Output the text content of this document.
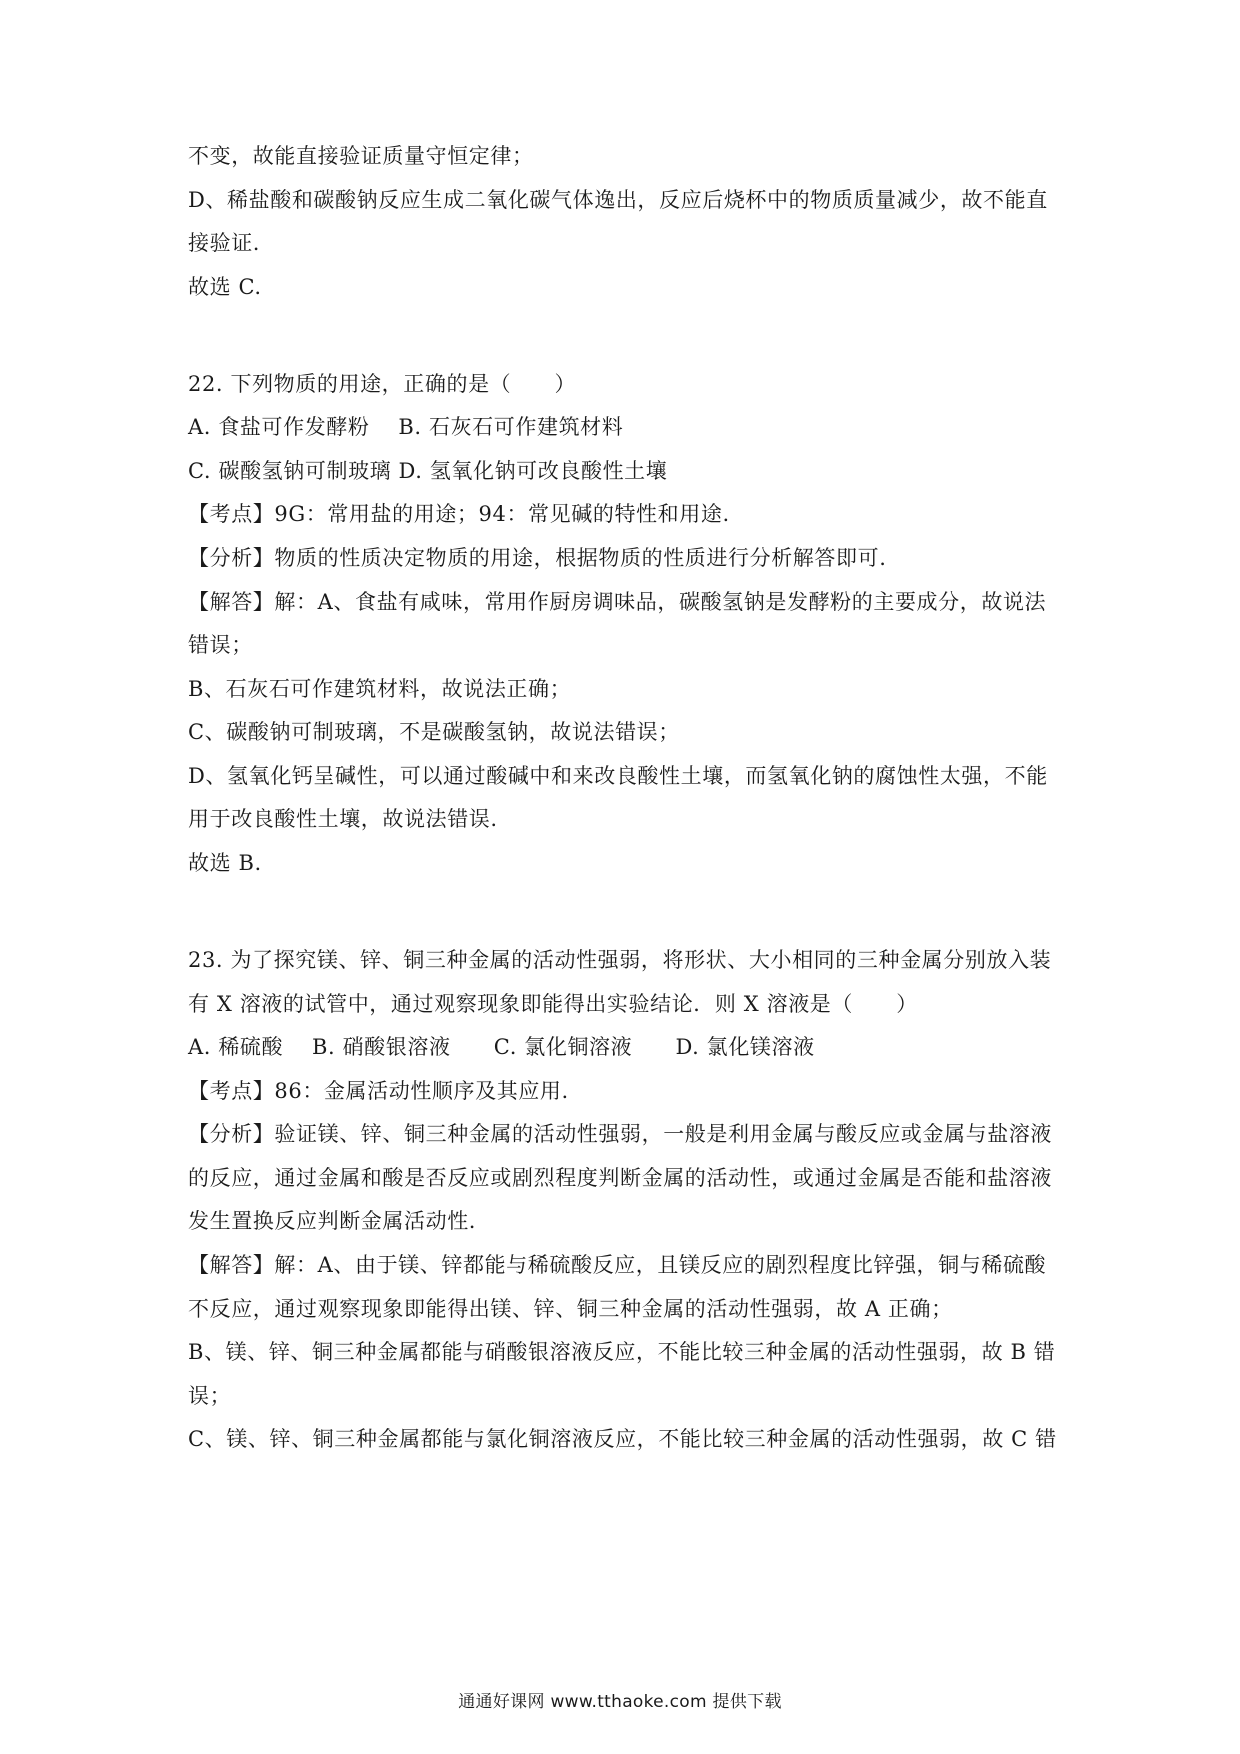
不变，故能直接验证质量守恒定律；
D、稀盐酸和碳酸钠反应生成二氧化碳气体逸出，反应后烧杯中的物质质量减少，故不能直
接验证.
故选 C.
22. 下列物质的用途，正确的是（　　）
A. 食盐可作发酵粉　 B. 石灰石可作建筑材料
C. 碳酸氢钠可制玻璃 D. 氢氧化钠可改良酸性土壤
【考点】9G：常用盐的用途；94：常见碱的特性和用途.
【分析】物质的性质决定物质的用途，根据物质的性质进行分析解答即可.
【解答】解：A、食盐有咸味，常用作厨房调味品，碳酸氢钠是发酵粉的主要成分，故说法
错误；
B、石灰石可作建筑材料，故说法正确；
C、碳酸钠可制玻璃，不是碳酸氢钠，故说法错误；
D、氢氧化钙呈碱性，可以通过酸碱中和来改良酸性土壤，而氢氧化钠的腐蚀性太强，不能
用于改良酸性土壤，故说法错误.
故选 B.
23. 为了探究镁、锌、铜三种金属的活动性强弱，将形状、大小相同的三种金属分别放入装
有 X 溶液的试管中，通过观察现象即能得出实验结论．则 X 溶液是（　　）
A. 稀硫酸　 B. 硝酸银溶液　　C. 氯化铜溶液　　D. 氯化镁溶液
【考点】86：金属活动性顺序及其应用.
【分析】验证镁、锌、铜三种金属的活动性强弱，一般是利用金属与酸反应或金属与盐溶液
的反应，通过金属和酸是否反应或剧烈程度判断金属的活动性，或通过金属是否能和盐溶液
发生置换反应判断金属活动性.
【解答】解：A、由于镁、锌都能与稀硫酸反应，且镁反应的剧烈程度比锌强，铜与稀硫酸
不反应，通过观察现象即能得出镁、锌、铜三种金属的活动性强弱，故 A 正确；
B、镁、锌、铜三种金属都能与硝酸银溶液反应，不能比较三种金属的活动性强弱，故 B 错
误；
C、镁、锌、铜三种金属都能与氯化铜溶液反应，不能比较三种金属的活动性强弱，故 C 错
通通好课网 www.tthaoke.com 提供下载
